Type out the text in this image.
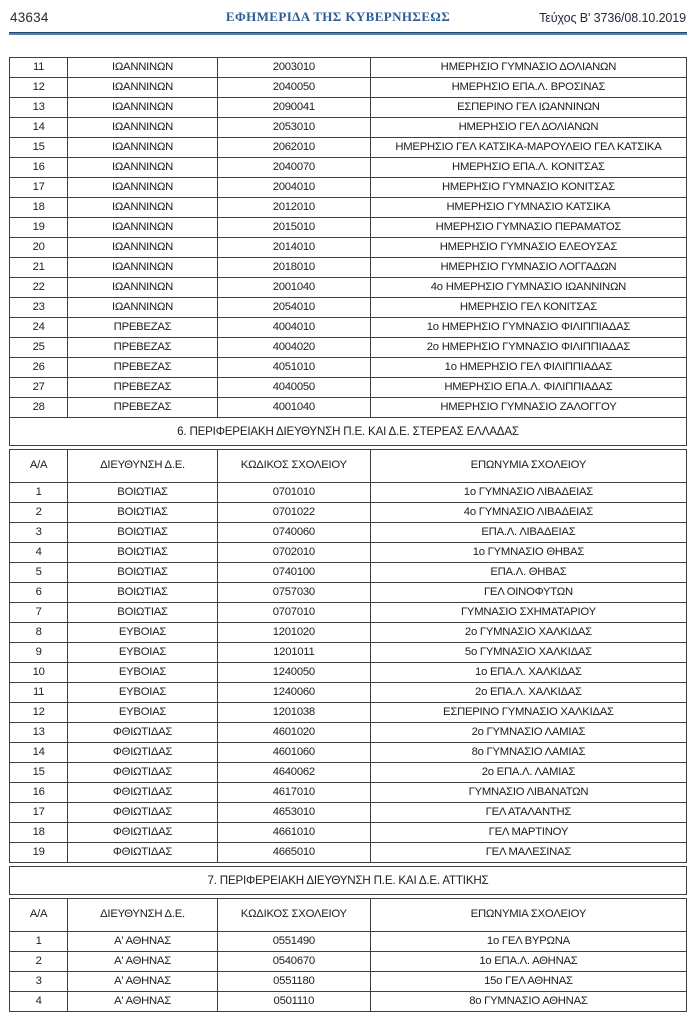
43634	ΕΦΗΜΕΡΙΔΑ ΤΗΣ ΚΥΒΕΡΝΗΣΕΩΣ	Τεύχος Β' 3736/08.10.2019
11	ΙΩΑΝΝΙΝΩΝ	2003010	ΗΜΕΡΗΣΙΟ ΓΥΜΝΑΣΙΟ ΔΟΛΙΑΝΩΝ
12	ΙΩΑΝΝΙΝΩΝ	2040050	ΗΜΕΡΗΣΙΟ ΕΠΑ.Λ. ΒΡΟΣΙΝΑΣ
13	ΙΩΑΝΝΙΝΩΝ	2090041	ΕΣΠΕΡΙΝΟ ΓΕΛ ΙΩΑΝΝΙΝΩΝ
14	ΙΩΑΝΝΙΝΩΝ	2053010	ΗΜΕΡΗΣΙΟ ΓΕΛ ΔΟΛΙΑΝΩΝ
15	ΙΩΑΝΝΙΝΩΝ	2062010	ΗΜΕΡΗΣΙΟ ΓΕΛ ΚΑΤΣΙΚΑ-ΜΑΡΟΥΛΕΙΟ ΓΕΛ ΚΑΤΣΙΚΑ
16	ΙΩΑΝΝΙΝΩΝ	2040070	ΗΜΕΡΗΣΙΟ ΕΠΑ.Λ. ΚΟΝΙΤΣΑΣ
17	ΙΩΑΝΝΙΝΩΝ	2004010	ΗΜΕΡΗΣΙΟ ΓΥΜΝΑΣΙΟ ΚΟΝΙΤΣΑΣ
18	ΙΩΑΝΝΙΝΩΝ	2012010	ΗΜΕΡΗΣΙΟ ΓΥΜΝΑΣΙΟ ΚΑΤΣΙΚΑ
19	ΙΩΑΝΝΙΝΩΝ	2015010	ΗΜΕΡΗΣΙΟ ΓΥΜΝΑΣΙΟ ΠΕΡΑΜΑΤΟΣ
20	ΙΩΑΝΝΙΝΩΝ	2014010	ΗΜΕΡΗΣΙΟ ΓΥΜΝΑΣΙΟ ΕΛΕΟΥΣΑΣ
21	ΙΩΑΝΝΙΝΩΝ	2018010	ΗΜΕΡΗΣΙΟ ΓΥΜΝΑΣΙΟ ΛΟΓΓΑΔΩΝ
22	ΙΩΑΝΝΙΝΩΝ	2001040	4ο ΗΜΕΡΗΣΙΟ ΓΥΜΝΑΣΙΟ ΙΩΑΝΝΙΝΩΝ
23	ΙΩΑΝΝΙΝΩΝ	2054010	ΗΜΕΡΗΣΙΟ ΓΕΛ ΚΟΝΙΤΣΑΣ
24	ΠΡΕΒΕΖΑΣ	4004010	1ο ΗΜΕΡΗΣΙΟ ΓΥΜΝΑΣΙΟ ΦΙΛΙΠΠΙΑΔΑΣ
25	ΠΡΕΒΕΖΑΣ	4004020	2ο ΗΜΕΡΗΣΙΟ ΓΥΜΝΑΣΙΟ ΦΙΛΙΠΠΙΑΔΑΣ
26	ΠΡΕΒΕΖΑΣ	4051010	1ο ΗΜΕΡΗΣΙΟ ΓΕΛ ΦΙΛΙΠΠΙΑΔΑΣ
27	ΠΡΕΒΕΖΑΣ	4040050	ΗΜΕΡΗΣΙΟ ΕΠΑ.Λ. ΦΙΛΙΠΠΙΑΔΑΣ
28	ΠΡΕΒΕΖΑΣ	4001040	ΗΜΕΡΗΣΙΟ ΓΥΜΝΑΣΙΟ ΖΑΛΟΓΓΟΥ
6. ΠΕΡΙΦΕΡΕΙΑΚΗ ΔΙΕΥΘΥΝΣΗ Π.Ε. ΚΑΙ Δ.Ε. ΣΤΕΡΕΑΣ ΕΛΛΑΔΑΣ
Α/Α	ΔΙΕΥΘΥΝΣΗ Δ.Ε.	ΚΩΔΙΚΟΣ ΣΧΟΛΕΙΟΥ	ΕΠΩΝΥΜΙΑ ΣΧΟΛΕΙΟΥ
1	ΒΟΙΩΤΙΑΣ	0701010	1ο ΓΥΜΝΑΣΙΟ ΛΙΒΑΔΕΙΑΣ
2	ΒΟΙΩΤΙΑΣ	0701022	4ο ΓΥΜΝΑΣΙΟ ΛΙΒΑΔΕΙΑΣ
3	ΒΟΙΩΤΙΑΣ	0740060	ΕΠΑ.Λ. ΛΙΒΑΔΕΙΑΣ
4	ΒΟΙΩΤΙΑΣ	0702010	1ο ΓΥΜΝΑΣΙΟ ΘΗΒΑΣ
5	ΒΟΙΩΤΙΑΣ	0740100	ΕΠΑ.Λ. ΘΗΒΑΣ
6	ΒΟΙΩΤΙΑΣ	0757030	ΓΕΛ ΟΙΝΟΦΥΤΩΝ
7	ΒΟΙΩΤΙΑΣ	0707010	ΓΥΜΝΑΣΙΟ ΣΧΗΜΑΤΑΡΙΟΥ
8	ΕΥΒΟΙΑΣ	1201020	2ο ΓΥΜΝΑΣΙΟ ΧΑΛΚΙΔΑΣ
9	ΕΥΒΟΙΑΣ	1201011	5ο ΓΥΜΝΑΣΙΟ ΧΑΛΚΙΔΑΣ
10	ΕΥΒΟΙΑΣ	1240050	1ο ΕΠΑ.Λ. ΧΑΛΚΙΔΑΣ
11	ΕΥΒΟΙΑΣ	1240060	2ο ΕΠΑ.Λ. ΧΑΛΚΙΔΑΣ
12	ΕΥΒΟΙΑΣ	1201038	ΕΣΠΕΡΙΝΟ ΓΥΜΝΑΣΙΟ ΧΑΛΚΙΔΑΣ
13	ΦΘΙΩΤΙΔΑΣ	4601020	2ο ΓΥΜΝΑΣΙΟ ΛΑΜΙΑΣ
14	ΦΘΙΩΤΙΔΑΣ	4601060	8ο ΓΥΜΝΑΣΙΟ ΛΑΜΙΑΣ
15	ΦΘΙΩΤΙΔΑΣ	4640062	2ο ΕΠΑ.Λ. ΛΑΜΙΑΣ
16	ΦΘΙΩΤΙΔΑΣ	4617010	ΓΥΜΝΑΣΙΟ ΛΙΒΑΝΑΤΩΝ
17	ΦΘΙΩΤΙΔΑΣ	4653010	ΓΕΛ ΑΤΑΛΑΝΤΗΣ
18	ΦΘΙΩΤΙΔΑΣ	4661010	ΓΕΛ ΜΑΡΤΙΝΟΥ
19	ΦΘΙΩΤΙΔΑΣ	4665010	ΓΕΛ ΜΑΛΕΣΙΝΑΣ
7. ΠΕΡΙΦΕΡΕΙΑΚΗ ΔΙΕΥΘΥΝΣΗ Π.Ε. ΚΑΙ Δ.Ε. ΑΤΤΙΚΗΣ
Α/Α	ΔΙΕΥΘΥΝΣΗ Δ.Ε.	ΚΩΔΙΚΟΣ ΣΧΟΛΕΙΟΥ	ΕΠΩΝΥΜΙΑ ΣΧΟΛΕΙΟΥ
1	Α' ΑΘΗΝΑΣ	0551490	1ο ΓΕΛ ΒΥΡΩΝΑ
2	Α' ΑΘΗΝΑΣ	0540670	1ο ΕΠΑ.Λ. ΑΘΗΝΑΣ
3	Α' ΑΘΗΝΑΣ	0551180	15ο ΓΕΛ ΑΘΗΝΑΣ
4	Α' ΑΘΗΝΑΣ	0501110	8ο ΓΥΜΝΑΣΙΟ ΑΘΗΝΑΣ
